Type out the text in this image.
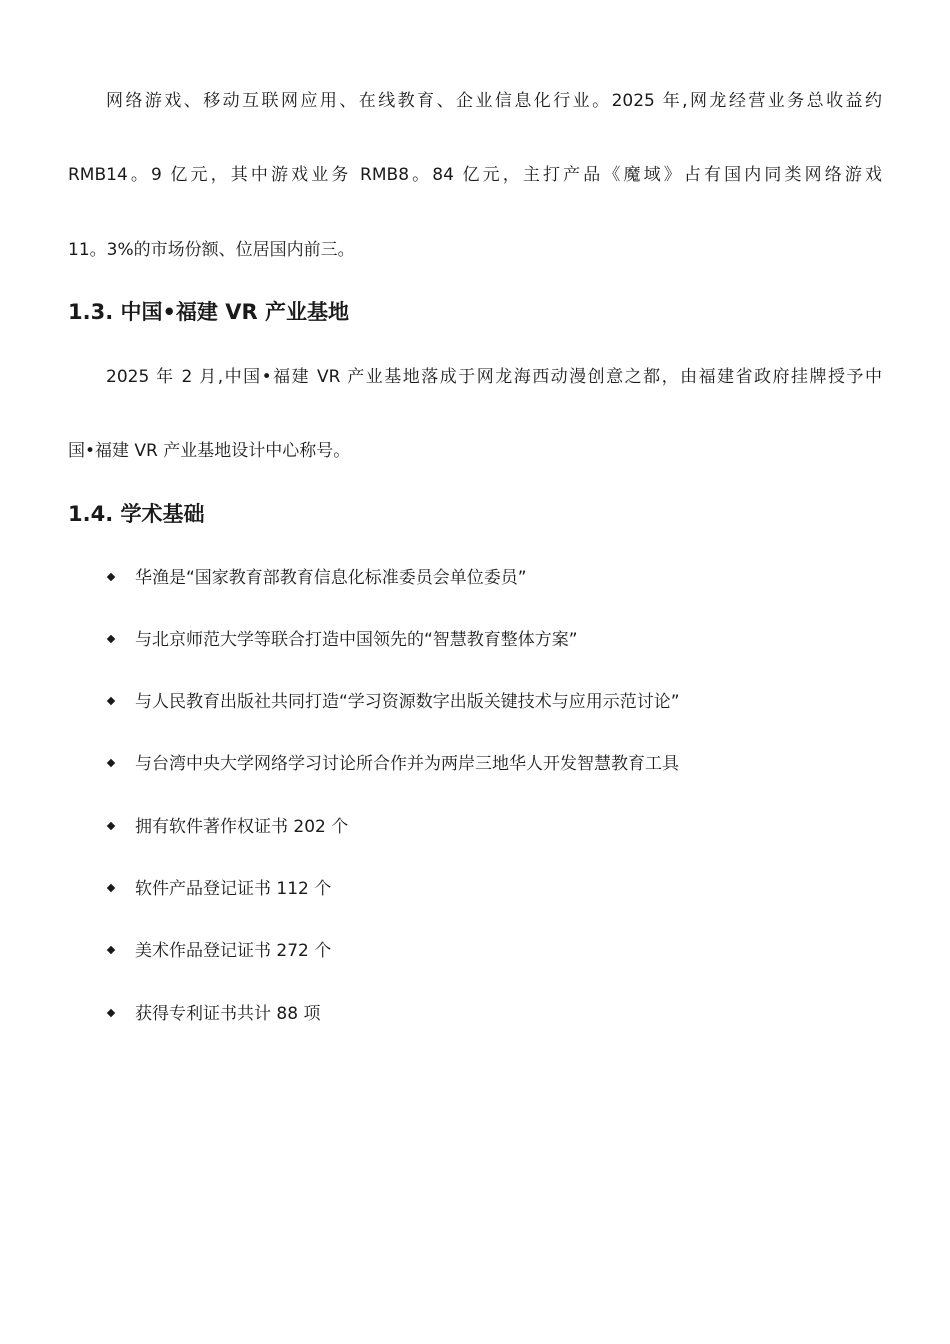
网络游戏、移动互联网应用、在线教育、企业信息化行业。2025 年,网龙经营业务总收益约

RMB14。9 亿元，其中游戏业务 RMB8。84 亿元，主打产品《魔域》占有国内同类网络游戏

11。3%的市场份额、位居国内前三。

1.3. 中国•福建 VR 产业基地

2025 年 2 月,中国•福建 VR 产业基地落成于网龙海西动漫创意之都，由福建省政府挂牌授予中

国•福建 VR 产业基地设计中心称号。

1.4. 学术基础
华渔是“国家教育部教育信息化标准委员会单位委员”
与北京师范大学等联合打造中国领先的“智慧教育整体方案”
与人民教育出版社共同打造“学习资源数字出版关键技术与应用示范讨论”
与台湾中央大学网络学习讨论所合作并为两岸三地华人开发智慧教育工具
拥有软件著作权证书 202 个
软件产品登记证书 112 个
美术作品登记证书 272 个
获得专利证书共计 88 项
